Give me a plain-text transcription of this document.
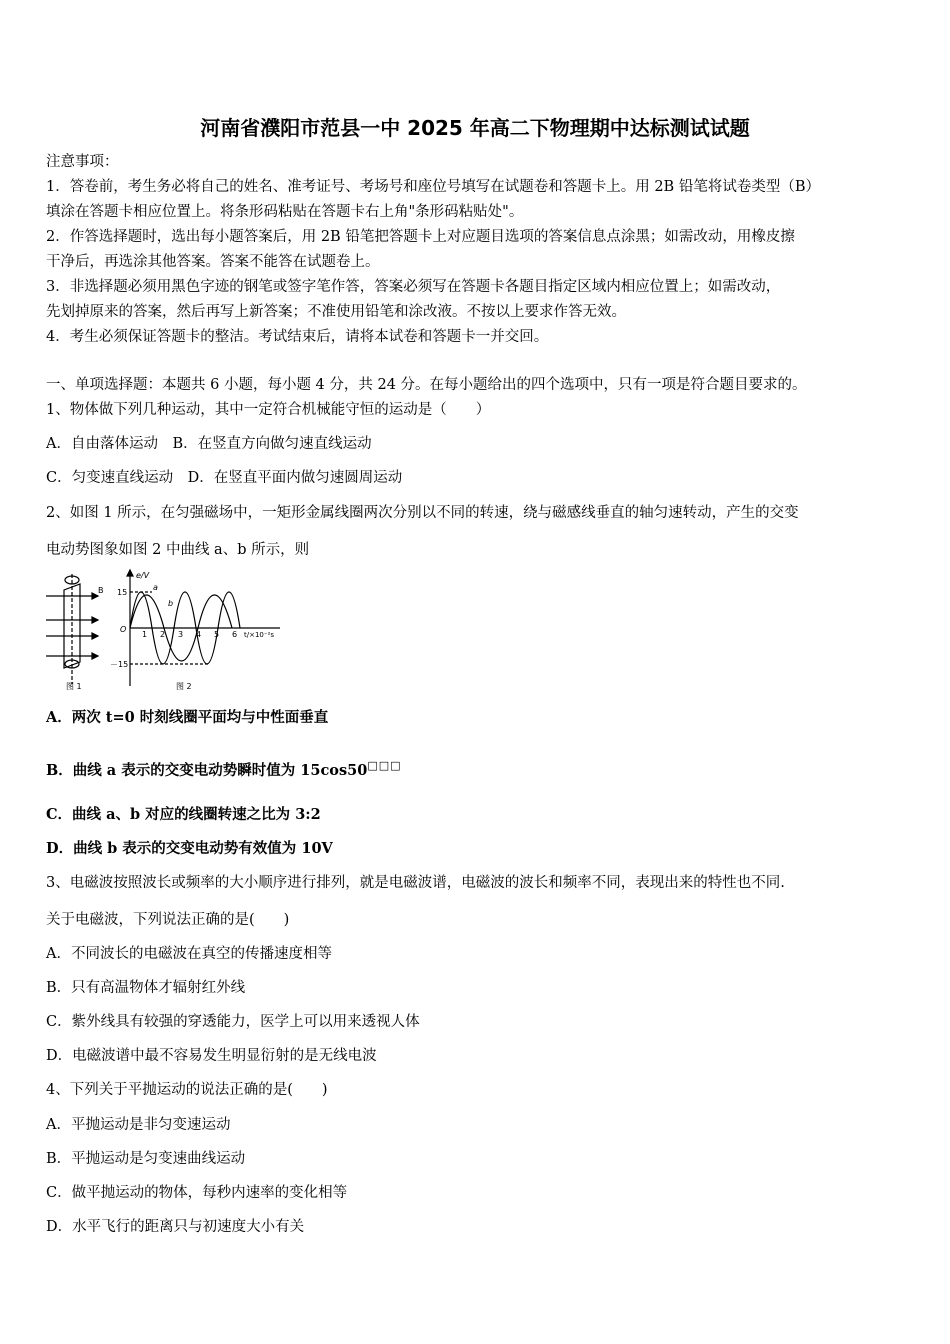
河南省濮阳市范县一中 2025 年高二下物理期中达标测试试题
注意事项：
1．答卷前，考生务必将自己的姓名、准考证号、考场号和座位号填写在试题卷和答题卡上。用 2B 铅笔将试卷类型（B）
填涂在答题卡相应位置上。将条形码粘贴在答题卡右上角"条形码粘贴处"。
2．作答选择题时，选出每小题答案后，用 2B 铅笔把答题卡上对应题目选项的答案信息点涂黑；如需改动，用橡皮擦
干净后，再选涂其他答案。答案不能答在试题卷上。
3．非选择题必须用黑色字迹的钢笔或签字笔作答，答案必须写在答题卡各题目指定区域内相应位置上；如需改动，
先划掉原来的答案，然后再写上新答案；不准使用铅笔和涂改液。不按以上要求作答无效。
4．考生必须保证答题卡的整洁。考试结束后，请将本试卷和答题卡一并交回。
一、单项选择题：本题共 6 小题，每小题 4 分，共 24 分。在每小题给出的四个选项中，只有一项是符合题目要求的。
1、物体做下列几种运动，其中一定符合机械能守恒的运动是（　　）
A．自由落体运动　B．在竖直方向做匀速直线运动
C．匀变速直线运动　D．在竖直平面内做匀速圆周运动
2、如图 1 所示，在匀强磁场中，一矩形金属线圈两次分别以不同的转速，绕与磁感线垂直的轴匀速转动，产生的交变
电动势图象如图 2 中曲线 a、b 所示，则
B
e/V
15
－15
O
a
b
1 2 3 4 5 6 t/×10⁻²s
图 1	图 2
A．两次 t=0 时刻线圈平面均与中性面垂直
B．曲线 a 表示的交变电动势瞬时值为 15cos50□□□
C．曲线 a、b 对应的线圈转速之比为 3:2
D．曲线 b 表示的交变电动势有效值为 10V
3、电磁波按照波长或频率的大小顺序进行排列，就是电磁波谱，电磁波的波长和频率不同，表现出来的特性也不同.
关于电磁波，下列说法正确的是(　　)
A．不同波长的电磁波在真空的传播速度相等
B．只有高温物体才辐射红外线
C．紫外线具有较强的穿透能力，医学上可以用来透视人体
D．电磁波谱中最不容易发生明显衍射的是无线电波
4、下列关于平抛运动的说法正确的是(　　)
A．平抛运动是非匀变速运动
B．平抛运动是匀变速曲线运动
C．做平抛运动的物体，每秒内速率的变化相等
D．水平飞行的距离只与初速度大小有关
